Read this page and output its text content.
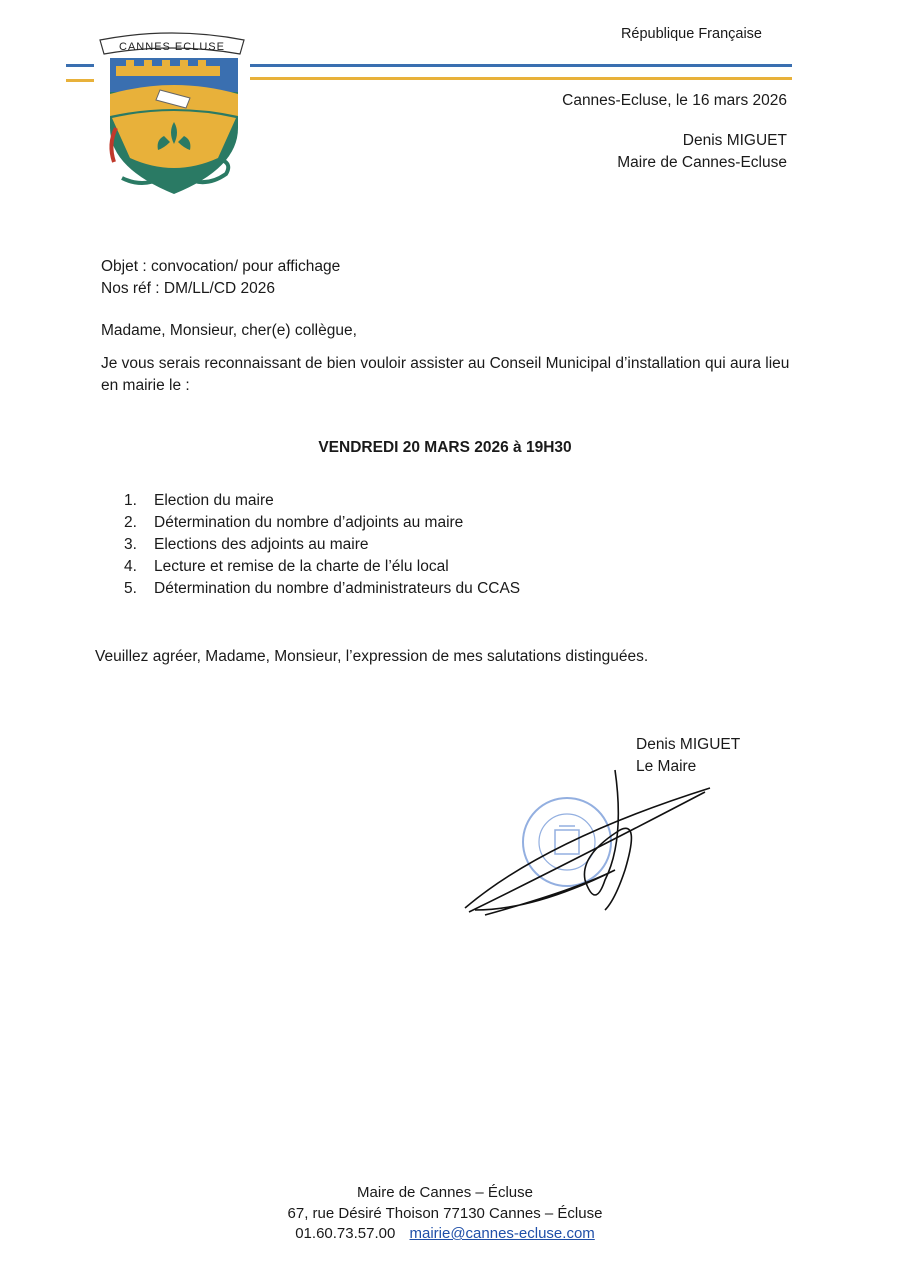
République Française
CANNES ECLUSE
Cannes-Ecluse, le 16 mars 2026
Denis MIGUET
Maire de Cannes-Ecluse
Objet : convocation/ pour affichage
Nos réf : DM/LL/CD 2026
Madame, Monsieur, cher(e) collègue,
Je vous serais reconnaissant de bien vouloir assister au Conseil Municipal d’installation qui aura lieu en mairie le :
VENDREDI 20 MARS 2026 à 19H30
1.	Election du maire
2.	Détermination du nombre d’adjoints au maire
3.	Elections des adjoints au maire
4.	Lecture et remise de la charte de l’élu local
5.	Détermination du nombre d’administrateurs du CCAS
Veuillez agréer, Madame, Monsieur, l’expression de mes salutations distinguées.
Denis MIGUET
Le Maire
Maire de Cannes – Écluse
67, rue Désiré Thoison 77130 Cannes – Écluse
01.60.73.57.00 mairie@cannes-ecluse.com
